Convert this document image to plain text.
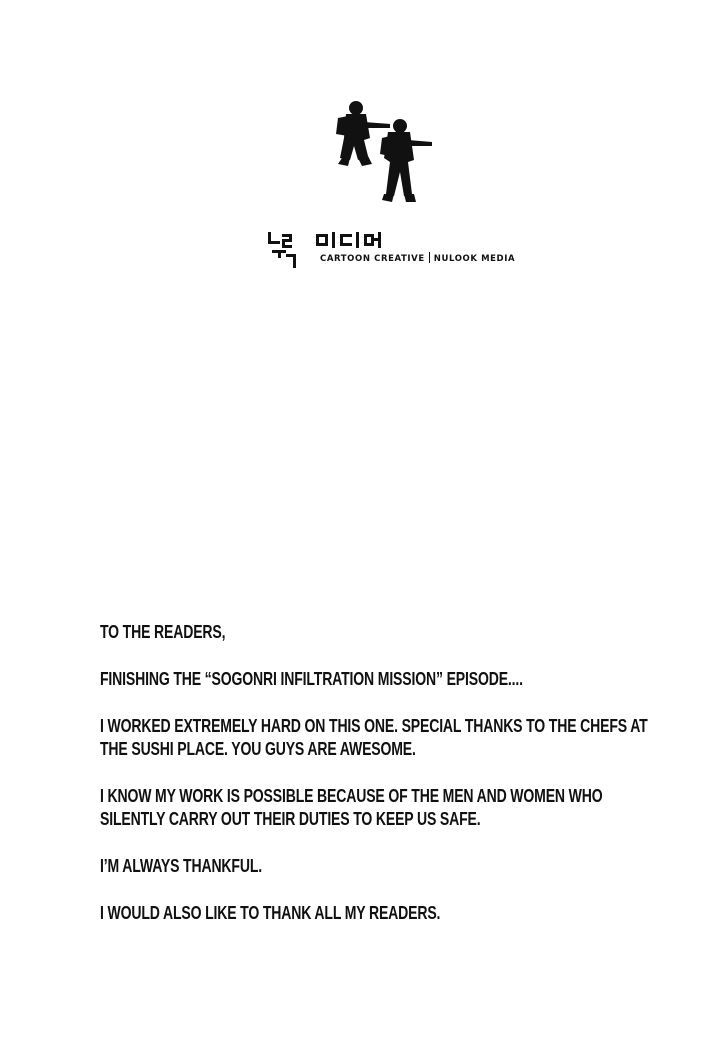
CARTOON CREATIVE NULOOK MEDIA

TO THE READERS,

FINISHING THE “SOGONRI INFILTRATION MISSION” EPISODE....

I WORKED EXTREMELY HARD ON THIS ONE. SPECIAL THANKS TO THE CHEFS AT THE SUSHI PLACE. YOU GUYS ARE AWESOME.

I KNOW MY WORK IS POSSIBLE BECAUSE OF THE MEN AND WOMEN WHO SILENTLY CARRY OUT THEIR DUTIES TO KEEP US SAFE.

I’M ALWAYS THANKFUL.

I WOULD ALSO LIKE TO THANK ALL MY READERS.
